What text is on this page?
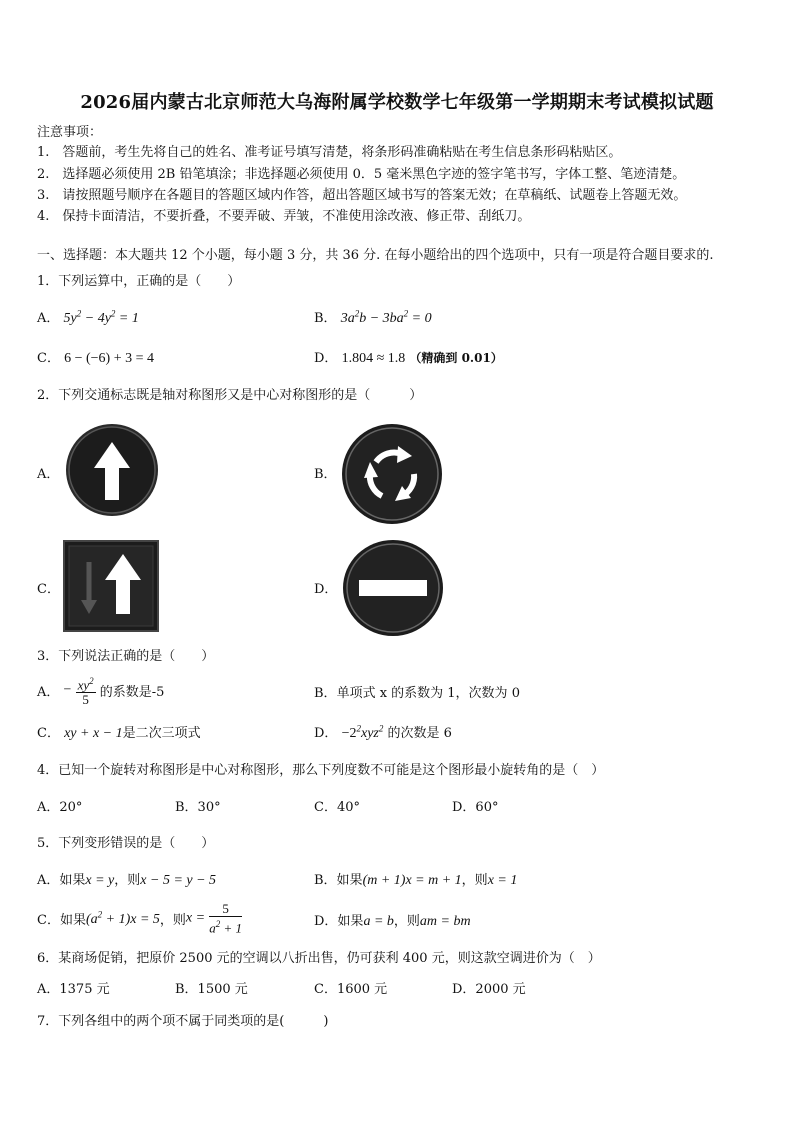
2026届内蒙古北京师范大乌海附属学校数学七年级第一学期期末考试模拟试题
注意事项：
1.　答题前，考生先将自己的姓名、准考证号填写清楚，将条形码准确粘贴在考生信息条形码粘贴区。
2.　选择题必须使用 2B 铅笔填涂；非选择题必须使用 0．5 毫米黑色字迹的签字笔书写，字体工整、笔迹清楚。
3.　请按照题号顺序在各题目的答题区域内作答，超出答题区域书写的答案无效；在草稿纸、试题卷上答题无效。
4.　保持卡面清洁，不要折叠，不要弄破、弄皱，不准使用涂改液、修正带、刮纸刀。
一、选择题：本大题共 12 个小题，每小题 3 分，共 36 分. 在每小题给出的四个选项中，只有一项是符合题目要求的.
1．下列运算中，正确的是（　　）
A． $5y^2 - 4y^2 = 1$	B． $3a^2b - 3ba^2 = 0$
C． 6 − (−6) + 3 = 4	D． 1.804 ≈ 1.8 （精确到 0.01）
2．下列交通标志既是轴对称图形又是中心对称图形的是（　　　）
A．	B．
C．	D．
3．下列说法正确的是（　　）
A． − $\frac{xy^2}{5}$ 的系数是-5	B．单项式 x 的系数为 1，次数为 0
C． xy + x − 1是二次三项式	D． $-2^2xyz^2$ 的次数是 6
4．已知一个旋转对称图形是中心对称图形，那么下列度数不可能是这个图形最小旋转角的是（　）
A．20°	B．30°	C．40°	D．60°
5．下列变形错误的是（　　）
A．如果x = y，则x − 5 = y − 5	B．如果(m + 1)x = m + 1，则x = 1
C．如果$(a^2 + 1)x = 5$，则$x = \frac{5}{a^2 + 1}$	D．如果a = b，则am = bm
6．某商场促销，把原价 2500 元的空调以八折出售，仍可获利 400 元，则这款空调进价为（　）
A．1375 元	B．1500 元	C．1600 元	D．2000 元
7．下列各组中的两个项不属于同类项的是(　　　)
